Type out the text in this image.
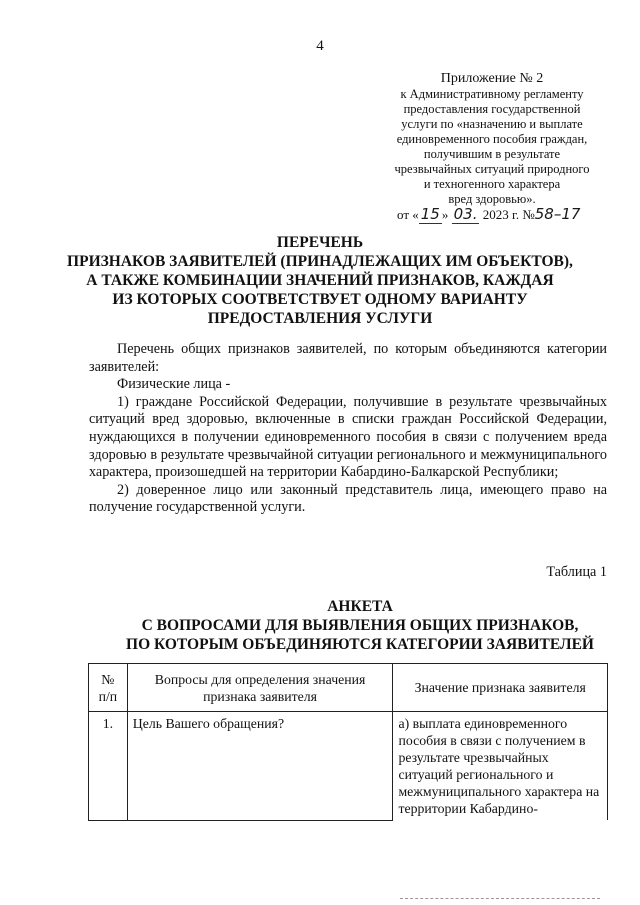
4
Приложение № 2
к Административному регламенту
предоставления государственной
услуги по «назначению и выплате
единовременного пособия граждан,
получившим в результате
чрезвычайных ситуаций природного
и техногенного характера
вред здоровью».
от « 15 » 03. 2023 г. №58–17
ПЕРЕЧЕНЬ
ПРИЗНАКОВ ЗАЯВИТЕЛЕЙ (ПРИНАДЛЕЖАЩИХ ИМ ОБЪЕКТОВ),
А ТАКЖЕ КОМБИНАЦИИ ЗНАЧЕНИЙ ПРИЗНАКОВ, КАЖДАЯ
ИЗ КОТОРЫХ СООТВЕТСТВУЕТ ОДНОМУ ВАРИАНТУ
ПРЕДОСТАВЛЕНИЯ УСЛУГИ

Перечень общих признаков заявителей, по которым объединяются категории заявителей:

Физические лица -

1) граждане Российской Федерации, получившие в результате чрезвычайных ситуаций вред здоровью, включенные в списки граждан Российской Федерации, нуждающихся в получении единовременного пособия в связи с получением вреда здоровью в результате чрезвычайной ситуации регионального и межмуниципального характера, произошедшей на территории Кабардино-Балкарской Республики;

2) доверенное лицо или законный представитель лица, имеющего право на получение государственной услуги.

Таблица 1
АНКЕТА
С ВОПРОСАМИ ДЛЯ ВЫЯВЛЕНИЯ ОБЩИХ ПРИЗНАКОВ,
ПО КОТОРЫМ ОБЪЕДИНЯЮТСЯ КАТЕГОРИИ ЗАЯВИТЕЛЕЙ
№ п/п	Вопросы для определения значения признака заявителя	Значение признака заявителя
1.	Цель Вашего обращения?	а) выплата единовременного пособия в связи с получением в результате чрезвычайных ситуаций регионального и межмуниципального характера на территории Кабардино-
